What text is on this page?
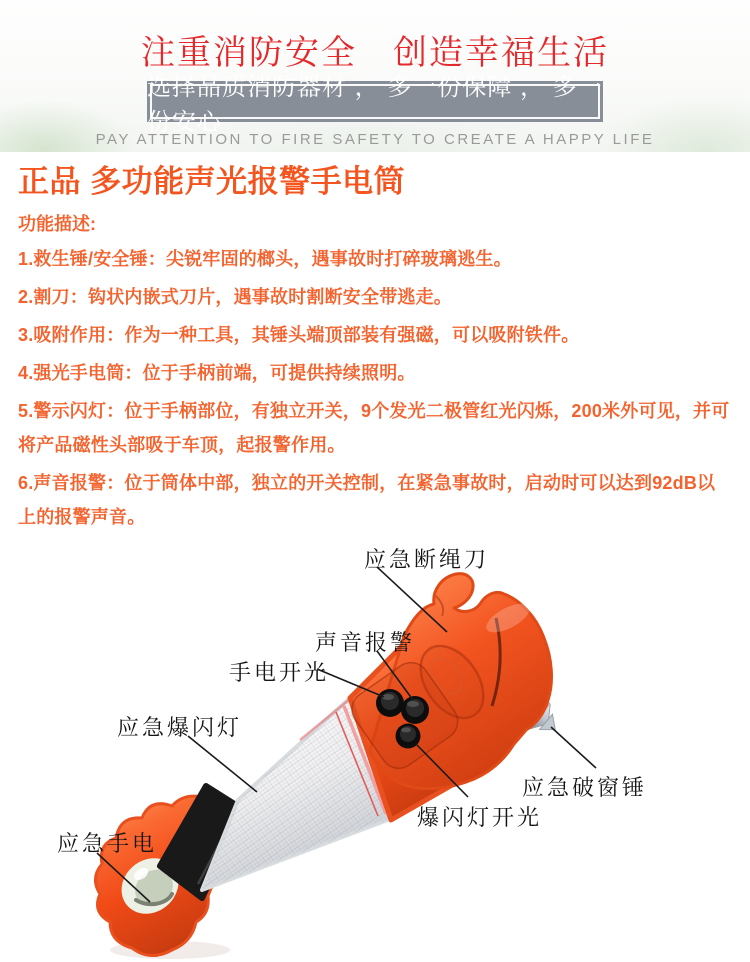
注重消防安全　创造幸福生活
选择品质消防器材 ， 多一份保障 ， 多一份安心
PAY ATTENTION TO FIRE SAFETY TO CREATE A HAPPY LIFE
正品 多功能声光报警手电筒

功能描述:

1.救生锤/安全锤：尖锐牢固的榔头，遇事故时打碎玻璃逃生。

2.割刀：钩状内嵌式刀片，遇事故时割断安全带逃走。

3.吸附作用：作为一种工具，其锤头端顶部装有强磁，可以吸附铁件。

4.强光手电筒：位于手柄前端，可提供持续照明。

5.警示闪灯：位于手柄部位，有独立开关，9个发光二极管红光闪烁，200米外可见，并可将产品磁性头部吸于车顶，起报警作用。

6.声音报警：位于筒体中部，独立的开关控制，在紧急事故时，启动时可以达到92dB以上的报警声音。

应急断绳刀
声音报警
手电开光
应急爆闪灯
应急手电
爆闪灯开光
应急破窗锤
